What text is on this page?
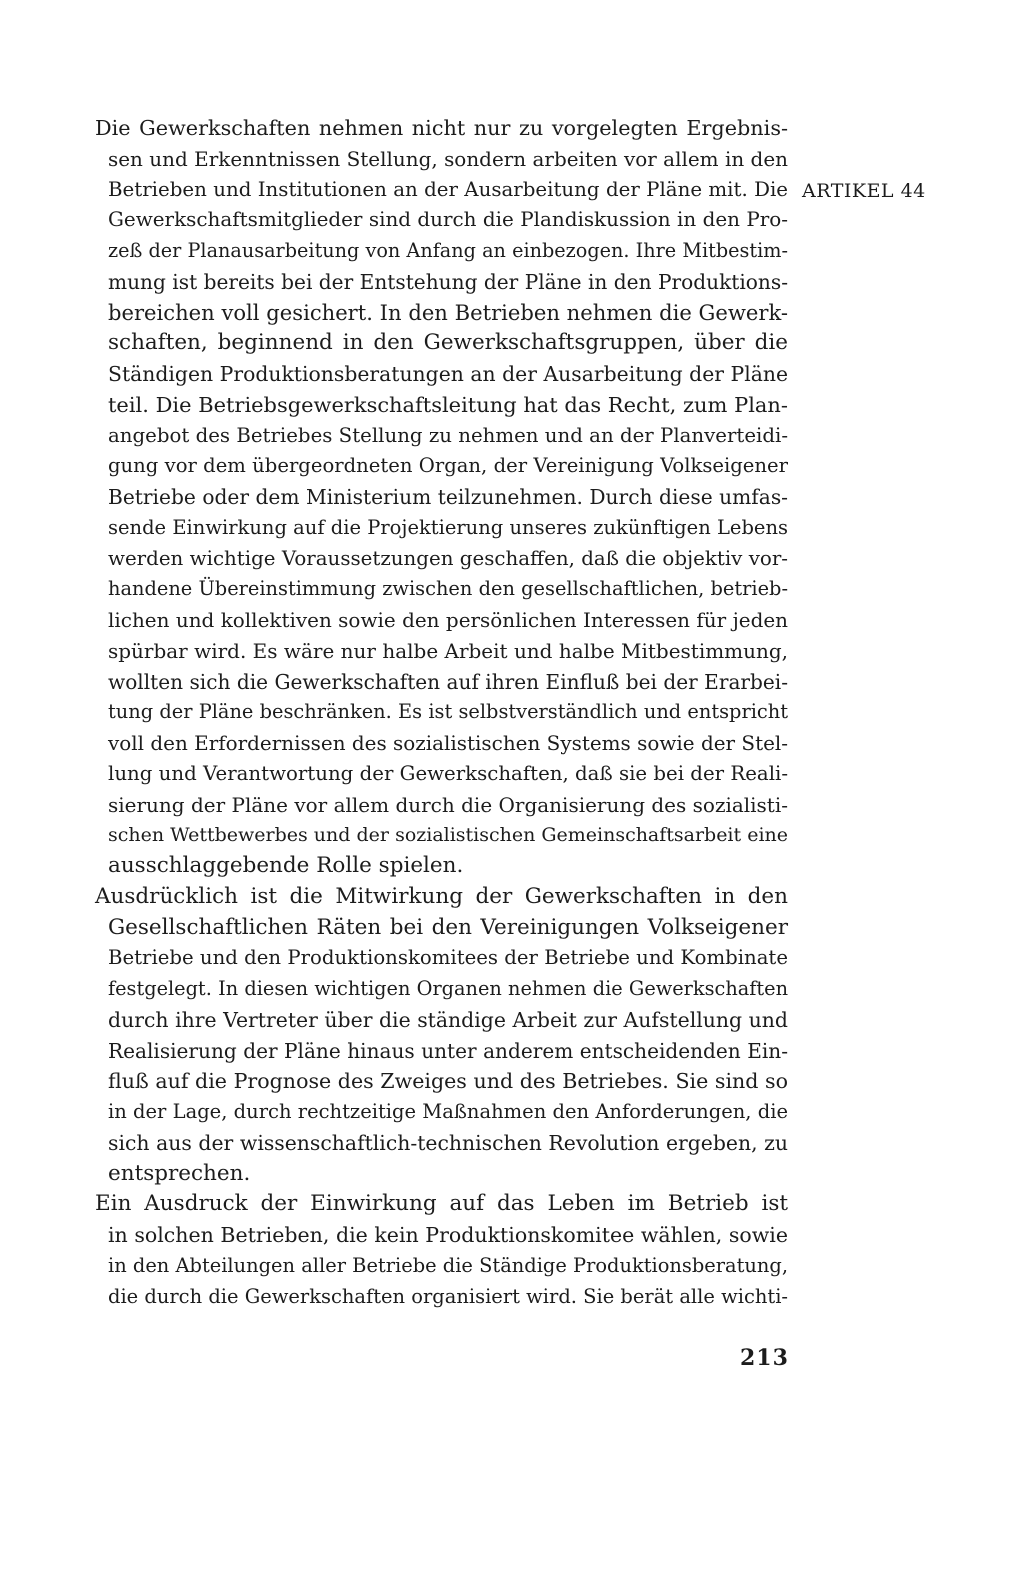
Die Gewerkschaften nehmen nicht nur zu vorgelegten Ergebnis-
sen und Erkenntnissen Stellung, sondern arbeiten vor allem in den
Betrieben und Institutionen an der Ausarbeitung der Pläne mit. Die
Gewerkschaftsmitglieder sind durch die Plandiskussion in den Pro-
zeß der Planausarbeitung von Anfang an einbezogen. Ihre Mitbestim-
mung ist bereits bei der Entstehung der Pläne in den Produktions-
bereichen voll gesichert. In den Betrieben nehmen die Gewerk-
schaften, beginnend in den Gewerkschaftsgruppen, über die
Ständigen Produktionsberatungen an der Ausarbeitung der Pläne
teil. Die Betriebsgewerkschaftsleitung hat das Recht, zum Plan-
angebot des Betriebes Stellung zu nehmen und an der Planverteidi-
gung vor dem übergeordneten Organ, der Vereinigung Volkseigener
Betriebe oder dem Ministerium teilzunehmen. Durch diese umfas-
sende Einwirkung auf die Projektierung unseres zukünftigen Lebens
werden wichtige Voraussetzungen geschaffen, daß die objektiv vor-
handene Übereinstimmung zwischen den gesellschaftlichen, betrieb-
lichen und kollektiven sowie den persönlichen Interessen für jeden
spürbar wird. Es wäre nur halbe Arbeit und halbe Mitbestimmung,
wollten sich die Gewerkschaften auf ihren Einfluß bei der Erarbei-
tung der Pläne beschränken. Es ist selbstverständlich und entspricht
voll den Erfordernissen des sozialistischen Systems sowie der Stel-
lung und Verantwortung der Gewerkschaften, daß sie bei der Reali-
sierung der Pläne vor allem durch die Organisierung des sozialisti-
schen Wettbewerbes und der sozialistischen Gemeinschaftsarbeit eine
ausschlaggebende Rolle spielen.
Ausdrücklich ist die Mitwirkung der Gewerkschaften in den
Gesellschaftlichen Räten bei den Vereinigungen Volkseigener
Betriebe und den Produktionskomitees der Betriebe und Kombinate
festgelegt. In diesen wichtigen Organen nehmen die Gewerkschaften
durch ihre Vertreter über die ständige Arbeit zur Aufstellung und
Realisierung der Pläne hinaus unter anderem entscheidenden Ein-
fluß auf die Prognose des Zweiges und des Betriebes. Sie sind so
in der Lage, durch rechtzeitige Maßnahmen den Anforderungen, die
sich aus der wissenschaftlich-technischen Revolution ergeben, zu
entsprechen.
Ein Ausdruck der Einwirkung auf das Leben im Betrieb ist
in solchen Betrieben, die kein Produktionskomitee wählen, sowie
in den Abteilungen aller Betriebe die Ständige Produktionsberatung,
die durch die Gewerkschaften organisiert wird. Sie berät alle wichti-
ARTIKEL 44
213
